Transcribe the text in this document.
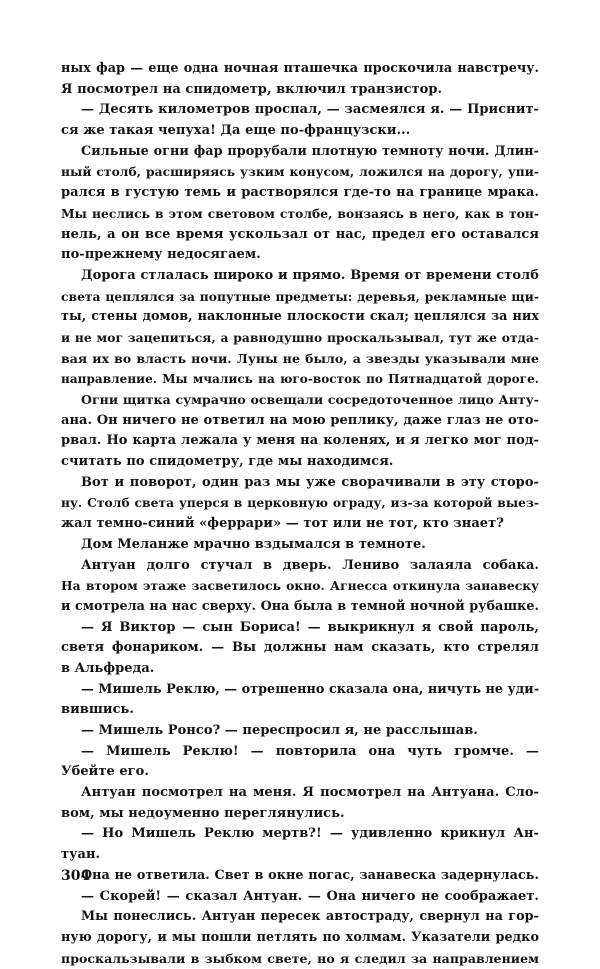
ных фар — еще одна ночная пташечка проскочила навстречу.
Я посмотрел на спидометр, включил транзистор.
— Десять километров проспал, — засмеялся я. — Приснит-
ся же такая чепуха! Да еще по-французски...
Сильные огни фар прорубали плотную темноту ночи. Длин-
ный столб, расширяясь узким конусом, ложился на дорогу, упи-
рался в густую темь и растворялся где-то на границе мрака.
Мы неслись в этом световом столбе, вонзаясь в него, как в тон-
нель, а он все время ускользал от нас, предел его оставался
по-прежнему недосягаем.
Дорога стлалась широко и прямо. Время от времени столб
света цеплялся за попутные предметы: деревья, рекламные щи-
ты, стены домов, наклонные плоскости скал; цеплялся за них
и не мог зацепиться, а равнодушно проскальзывал, тут же отда-
вая их во власть ночи. Луны не было, а звезды указывали мне
направление. Мы мчались на юго-восток по Пятнадцатой дороге.
Огни щитка сумрачно освещали сосредоточенное лицо Анту-
ана. Он ничего не ответил на мою реплику, даже глаз не ото-
рвал. Но карта лежала у меня на коленях, и я легко мог под-
считать по спидометру, где мы находимся.
Вот и поворот, один раз мы уже сворачивали в эту сторо-
ну. Столб света уперся в церковную ограду, из-за которой выез-
жал темно-синий «феррари» — тот или не тот, кто знает?
Дом Меланже мрачно вздымался в темноте.
Антуан долго стучал в дверь. Лениво залаяла собака.
На втором этаже засветилось окно. Агнесса откинула занавеску
и смотрела на нас сверху. Она была в темной ночной рубашке.
— Я Виктор — сын Бориса! — выкрикнул я свой пароль,
светя фонариком. — Вы должны нам сказать, кто стрелял
в Альфреда.
— Мишель Реклю, — отрешенно сказала она, ничуть не уди-
вившись.
— Мишель Ронсо? — переспросил я, не расслышав.
— Мишель Реклю! — повторила она чуть громче. —
Убейте его.
Антуан посмотрел на меня. Я посмотрел на Антуана. Сло-
вом, мы недоуменно переглянулись.
— Но Мишель Реклю мертв?! — удивленно крикнул Ан-
туан.
Она не ответила. Свет в окне погас, занавеска задернулась.
— Скорей! — сказал Антуан. — Она ничего не соображает.
Мы понеслись. Антуан пересек автостраду, свернул на гор-
ную дорогу, и мы пошли петлять по холмам. Указатели редко
проскальзывали в зыбком свете, но я следил за направлением
304
